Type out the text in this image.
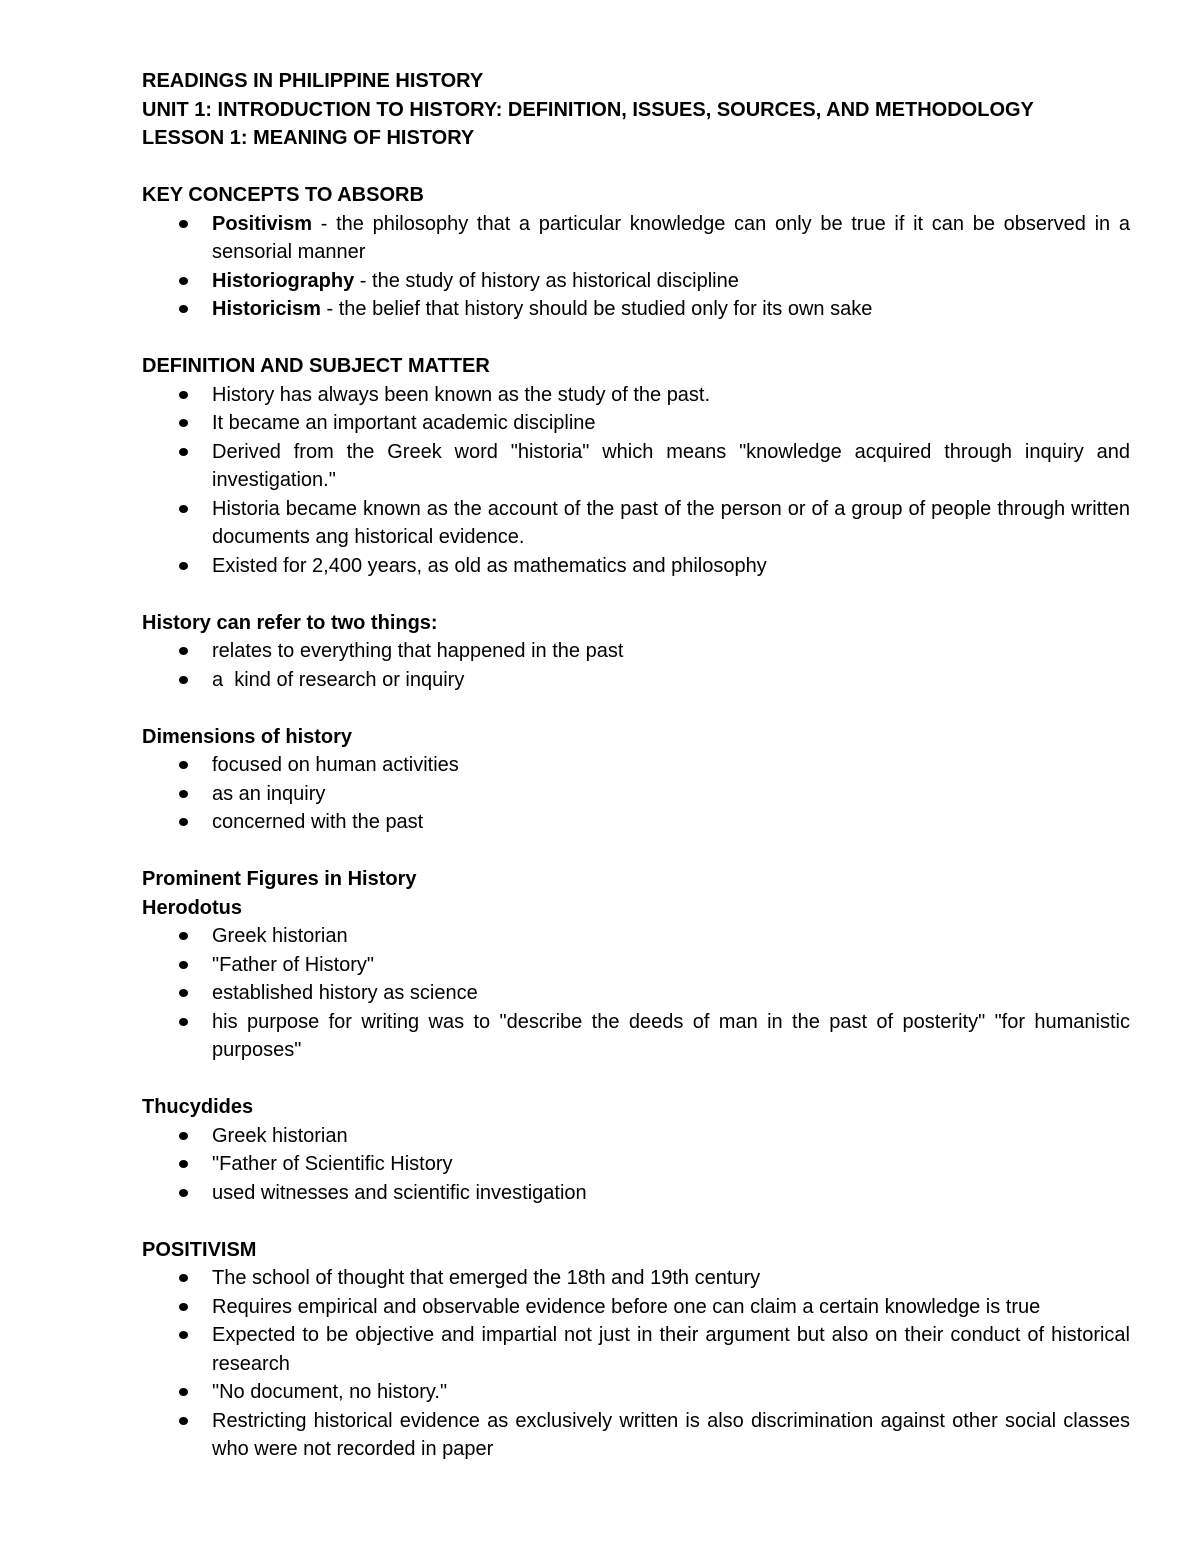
READINGS IN PHILIPPINE HISTORY

UNIT 1: INTRODUCTION TO HISTORY: DEFINITION, ISSUES, SOURCES, AND METHODOLOGY

LESSON 1: MEANING OF HISTORY

KEY CONCEPTS TO ABSORB

Positivism - the philosophy that a particular knowledge can only be true if it can be observed in a sensorial manner
Historiography - the study of history as historical discipline
Historicism - the belief that history should be studied only for its own sake

DEFINITION AND SUBJECT MATTER

History has always been known as the study of the past.
It became an important academic discipline
Derived from the Greek word "historia" which means "knowledge acquired through inquiry and investigation."
Historia became known as the account of the past of the person or of a group of people through written documents ang historical evidence.
Existed for 2,400 years, as old as mathematics and philosophy

History can refer to two things:

relates to everything that happened in the past
a  kind of research or inquiry

Dimensions of history

focused on human activities
as an inquiry
concerned with the past

Prominent Figures in History

Herodotus

Greek historian
"Father of History"
established history as science
his purpose for writing was to "describe the deeds of man in the past of posterity" "for humanistic purposes"

Thucydides

Greek historian
"Father of Scientific History
used witnesses and scientific investigation

POSITIVISM

The school of thought that emerged the 18th and 19th century
Requires empirical and observable evidence before one can claim a certain knowledge is true
Expected to be objective and impartial not just in their argument but also on their conduct of historical research
"No document, no history."
Restricting historical evidence as exclusively written is also discrimination against other social classes who were not recorded in paper
